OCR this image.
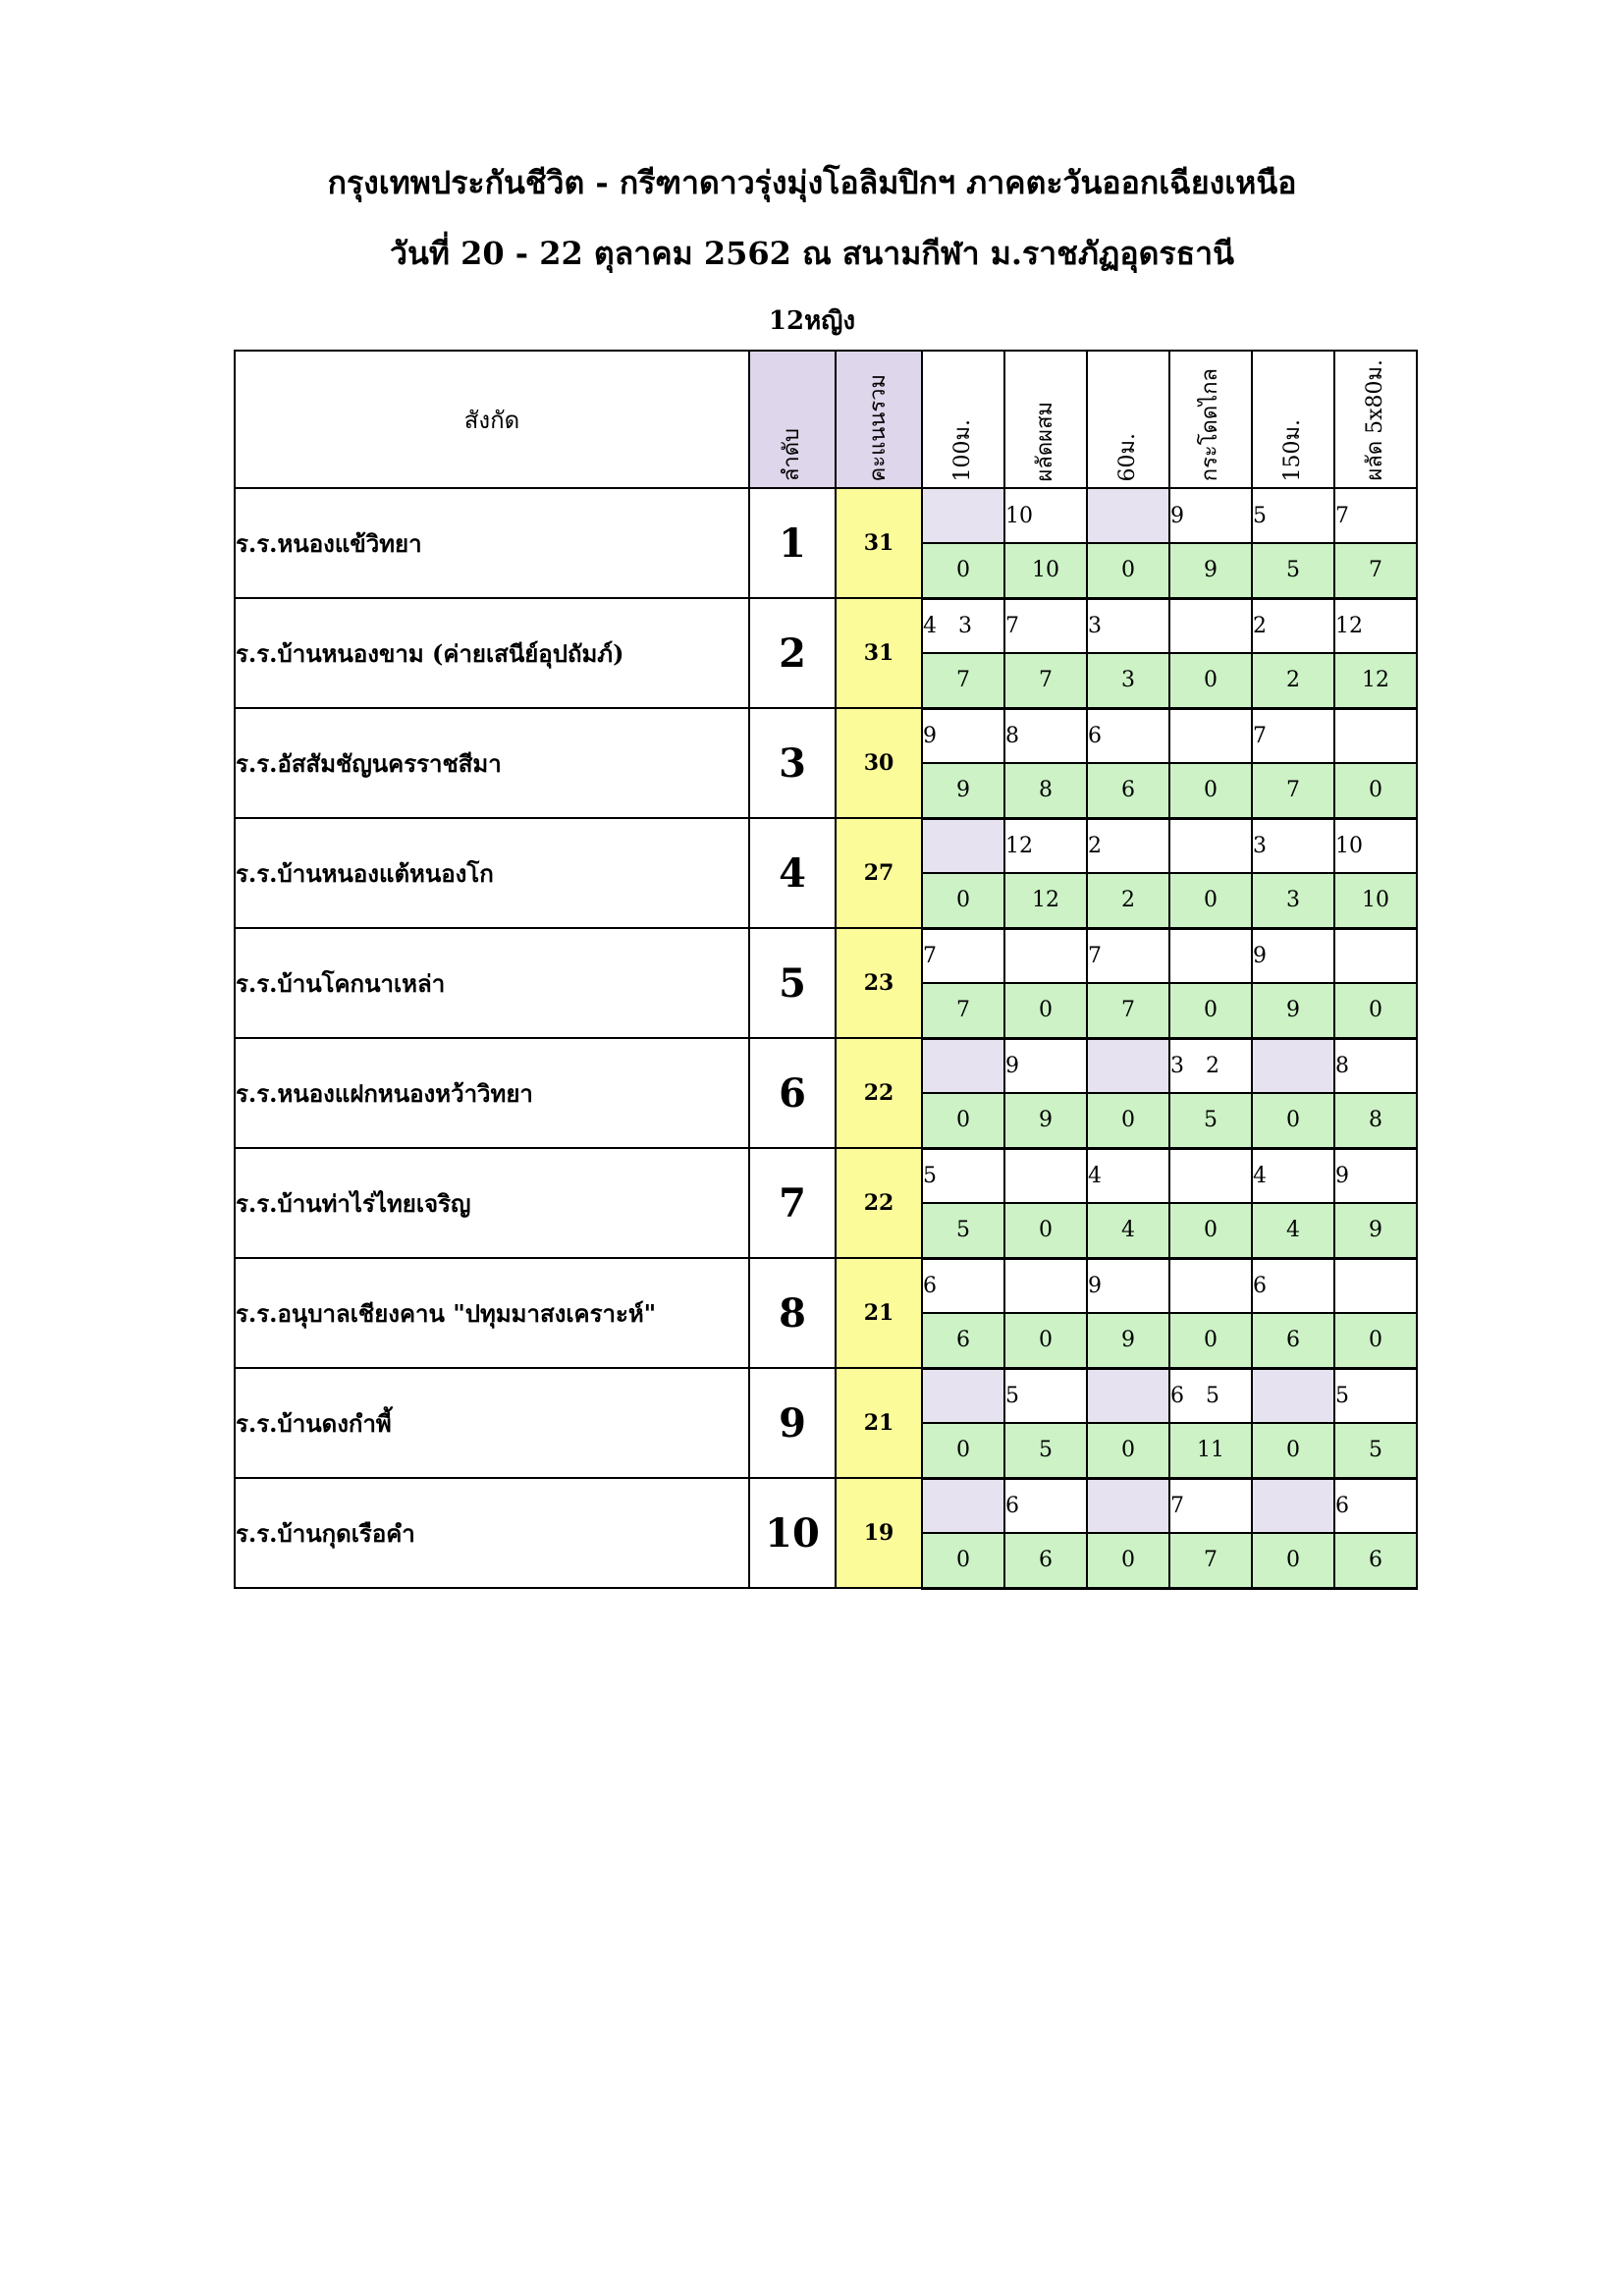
กรุงเทพประกันชีวิต - กรีฑาดาวรุ่งมุ่งโอลิมปิกฯ ภาคตะวันออกเฉียงเหนือ
วันที่ 20 - 22 ตุลาคม 2562 ณ สนามกีฬา ม.ราชภัฏอุดรธานี
12หญิง
สังกัด	ลำดับ	คะแนนรวม	100ม.	ผลัดผสม	60ม.	กระโดดไกล	150ม.	ผลัด 5x80ม.

ร.ร.หนองแข้วิทยา	1	31		10		9	5	7

			0	10	0	9	5	7
ร.ร.บ้านหนองขาม (ค่ายเสนีย์อุปถัมภ์)	2	31	4 3	7	3		2	12

			7	7	3	0	2	12
ร.ร.อัสสัมชัญนครราชสีมา	3	30	9	8	6		7	

			9	8	6	0	7	0
ร.ร.บ้านหนองแต้หนองโก	4	27		12	2		3	10

			0	12	2	0	3	10
ร.ร.บ้านโคกนาเหล่า	5	23	7		7		9	

			7	0	7	0	9	0
ร.ร.หนองแฝกหนองหว้าวิทยา	6	22		9		3 2		8

			0	9	0	5	0	8
ร.ร.บ้านท่าไร่ไทยเจริญ	7	22	5		4		4	9

			5	0	4	0	4	9
ร.ร.อนุบาลเชียงคาน "ปทุมมาสงเคราะห์"	8	21	6		9		6	

			6	0	9	0	6	0
ร.ร.บ้านดงกำพี้	9	21		5		6 5		5

			0	5	0	11	0	5
ร.ร.บ้านกุดเรือคำ	10	19		6		7		6

			0	6	0	7	0	6
